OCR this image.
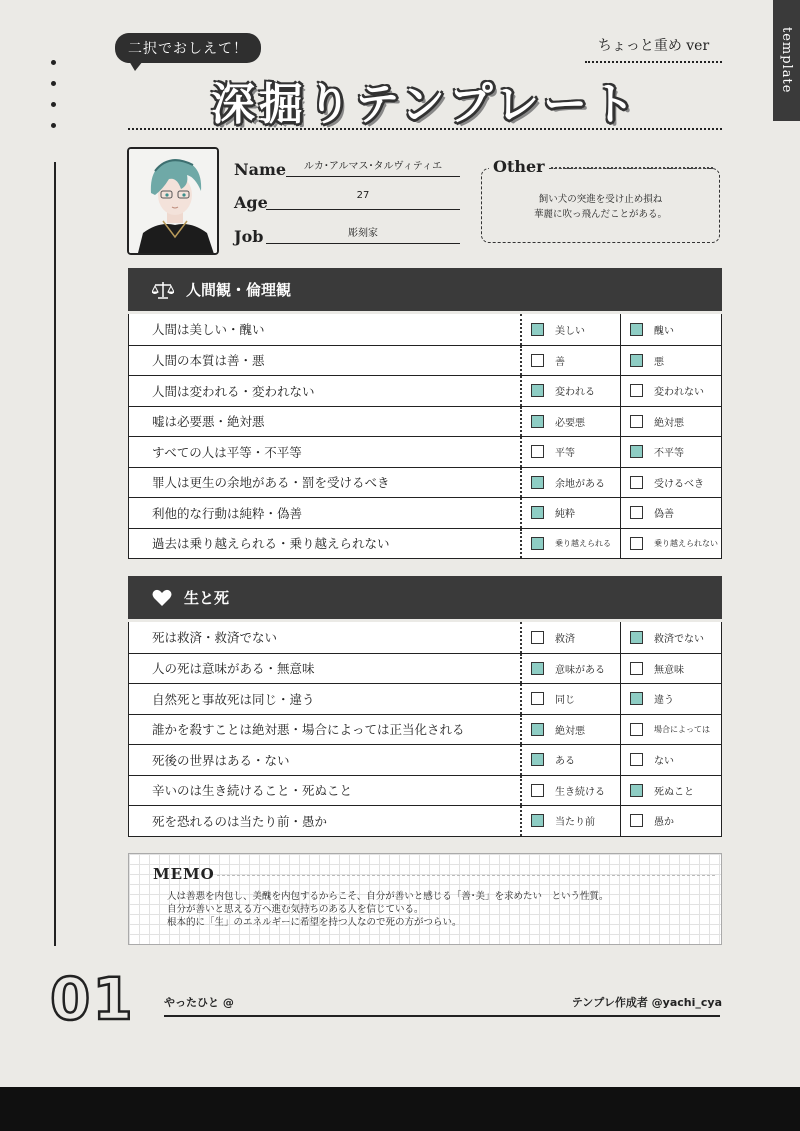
template
二択でおしえて！	ちょっと重め ver
深掘りテンプレート
Name	ルカ･アルマス･タルヴィティエ
Age	27
Job	彫刻家
Other
飼い犬の突進を受け止め損ね
華麗に吹っ飛んだことがある。
人間観・倫理観
人間は美しい・醜い	美しい	醜い
人間の本質は善・悪	善	悪
人間は変われる・変われない	変われる	変われない
嘘は必要悪・絶対悪	必要悪	絶対悪
すべての人は平等・不平等	平等	不平等
罪人は更生の余地がある・罰を受けるべき	余地がある	受けるべき
利他的な行動は純粋・偽善	純粋	偽善
過去は乗り越えられる・乗り越えられない	乗り越えられる	乗り越えられない
生と死
死は救済・救済でない	救済	救済でない
人の死は意味がある・無意味	意味がある	無意味
自然死と事故死は同じ・違う	同じ	違う
誰かを殺すことは絶対悪・場合によっては正当化される	絶対悪	場合によっては
死後の世界はある・ない	ある	ない
辛いのは生き続けること・死ぬこと	生き続ける	死ぬこと
死を恐れるのは当たり前・愚か	当たり前	愚か
MEMO
人は善悪を内包し、美醜を内包するからこそ、自分が善いと感じる「善･美」を求めたい　という性質。
自分が善いと思える方へ進む気持ちのある人を信じている。
根本的に「生」のエネルギーに希望を持つ人なので死の方がつらい。
01	やったひと @	テンプレ作成者 @yachi_cya
